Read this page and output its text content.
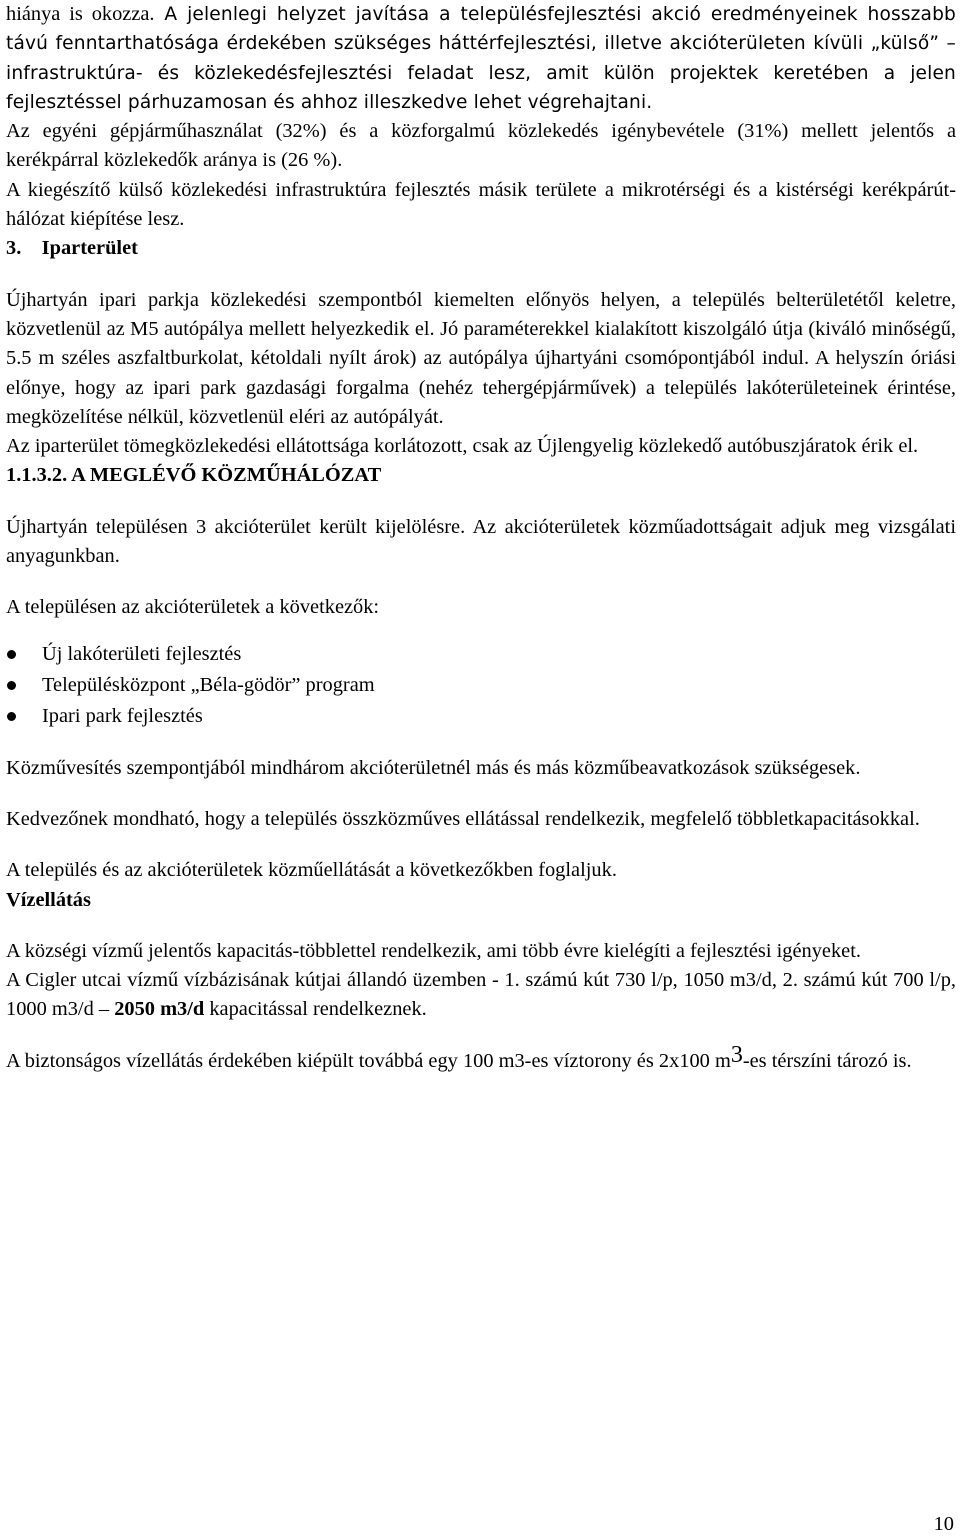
hiánya is okozza. A jelenlegi helyzet javítása a településfejlesztési akció eredményeinek hosszabb távú fenntarthatósága érdekében szükséges háttérfejlesztési, illetve akcióterületen kívüli „külső” – infrastruktúra- és közlekedésfejlesztési feladat lesz, amit külön projektek keretében a jelen fejlesztéssel párhuzamosan és ahhoz illeszkedve lehet végrehajtani.

Az egyéni gépjárműhasználat (32%) és a közforgalmú közlekedés igénybevétele (31%) mellett jelentős a kerékpárral közlekedők aránya is (26 %).

A kiegészítő külső közlekedési infrastruktúra fejlesztés másik területe a mikrotérségi és a kistérségi kerékpárút-hálózat kiépítése lesz.

3.    Iparterület

Újhartyán ipari parkja közlekedési szempontból kiemelten előnyös helyen, a település belterületétől keletre, közvetlenül az M5 autópálya mellett helyezkedik el. Jó paraméterekkel kialakított kiszolgáló útja (kiváló minőségű, 5.5 m széles aszfaltburkolat, kétoldali nyílt árok) az autópálya újhartyáni csomópontjából indul. A helyszín óriási előnye, hogy az ipari park gazdasági forgalma (nehéz tehergépjárművek) a település lakóterületeinek érintése, megközelítése nélkül, közvetlenül eléri az autópályát.

Az iparterület tömegközlekedési ellátottsága korlátozott, csak az Újlengyelig közlekedő autóbuszjáratok érik el.

1.1.3.2. A MEGLÉVŐ KÖZMŰHÁLÓZAT

Újhartyán településen 3 akcióterület került kijelölésre. Az akcióterületek közműadottságait adjuk meg vizsgálati anyagunkban.

A településen az akcióterületek a következők:

Új lakóterületi fejlesztés
Településközpont „Béla-gödör” program
Ipari park fejlesztés

Közművesítés szempontjából mindhárom akcióterületnél más és más közműbeavatkozások szükségesek.

Kedvezőnek mondható, hogy a település összközműves ellátással rendelkezik, megfelelő többletkapacitásokkal.

A település és az akcióterületek közműellátását a következőkben foglaljuk.

Vízellátás

A községi vízmű jelentős kapacitás-többlettel rendelkezik, ami több évre kielégíti a fejlesztési igényeket.

A Cigler utcai vízmű vízbázisának kútjai állandó üzemben - 1. számú kút 730 l/p, 1050 m3/d, 2. számú kút 700 l/p, 1000 m3/d – 2050 m3/d kapacitással rendelkeznek.

A biztonságos vízellátás érdekében kiépült továbbá egy 100 m3-es víztorony és 2x100 $m^3-es$ térszíni tározó is.

10
